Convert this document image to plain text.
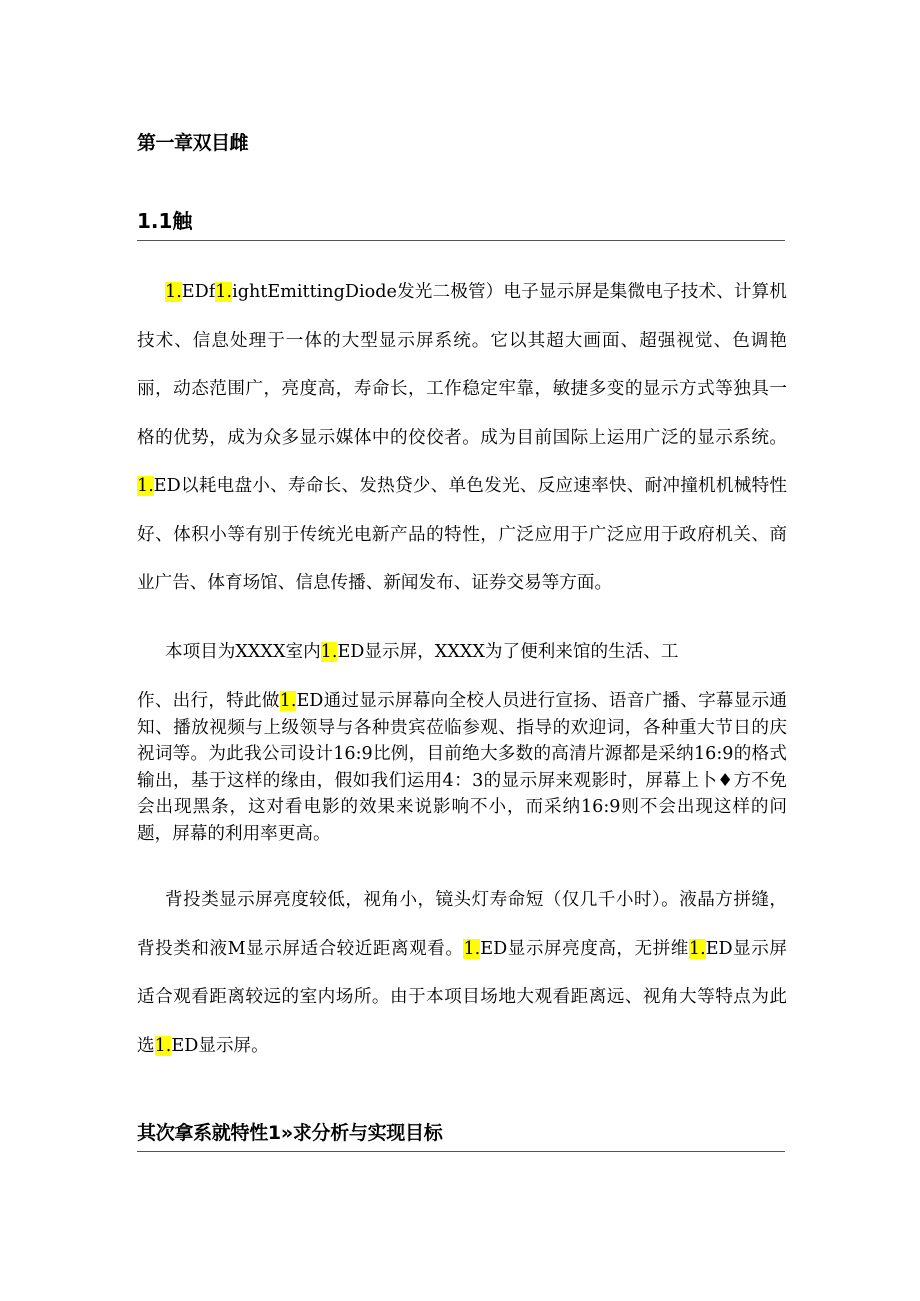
第一章双目雌
1.1触

1.EDf1.ightEmittingDiode发光二极管）电子显示屏是集微电子技术、计算机技术、信息处理于一体的大型显示屏系统。它以其超大画面、超强视觉、色调艳丽，动态范围广，亮度高，寿命长，工作稳定牢靠，敏捷多变的显示方式等独具一格的优势，成为众多显示媒体中的佼佼者。成为目前国际上运用广泛的显示系统。1.ED以耗电盘小、寿命长、发热贷少、单色发光、反应速率快、耐冲撞机机械特性好、体积小等有别于传统光电新产品的特性，广泛应用于广泛应用于政府机关、商业广告、体育场馆、信息传播、新闻发布、证券交易等方面。

本项目为XXXX室内1.ED显示屏，XXXX为了便利来馆的生活、工

作、出行，特此做1.ED通过显示屏幕向全校人员进行宣扬、语音广播、字幕显示通知、播放视频与上级领导与各种贵宾莅临参观、指导的欢迎词，各种重大节日的庆祝词等。为此我公司设计16:9比例，目前绝大多数的高清片源都是采纳16:9的格式输出，基于这样的缘由，假如我们运用4：3的显示屏来观影时，屏幕上卜♦方不免会出现黑条，这对看电影的效果来说影响不小，而采纳16:9则不会出现这样的问题，屏幕的利用率更高。

背投类显示屏亮度较低，视角小，镜头灯寿命短（仅几千小时）。液晶方拼缝，背投类和液M显示屏适合较近距离观看。1.ED显示屏亮度高，无拼维1.ED显示屏适合观看距离较远的室内场所。由于本项目场地大观看距离远、视角大等特点为此选1.ED显示屏。

其次拿系就特性1»求分析与实现目标
